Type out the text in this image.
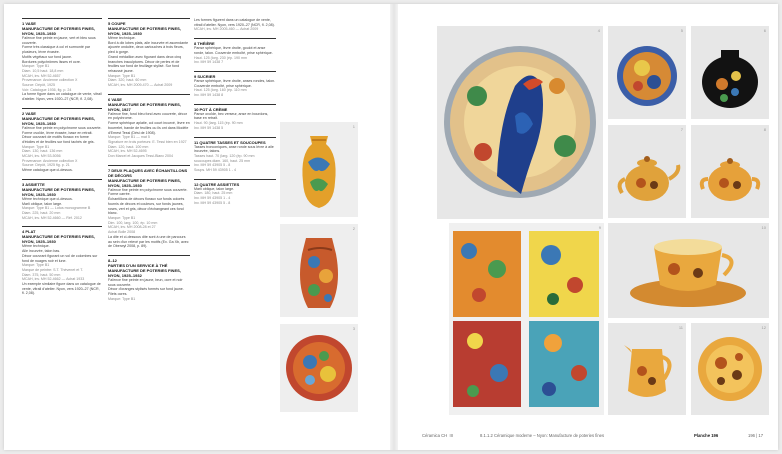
1 VASE
MANUFACTURE DE POTERIES FINES, NYON, 1925–1930
Faïence fine peinte en jaune, vert et bleu sous couverte.
Forme très classique à col et surmonté par plusieurs, lèvre évasée.
Motifs végétaux sur fond jaune.
Bordures polychrômes lisses et ocre.
Marque: Type B1
Diam. 10,5 haut. 18,8 mm
MCAH, inv. MH 52-4657
Provenance: Ancienne collection X
Source: Dépôt, 1925
Voir: Catalogue 1936, fig. p. 24
La forme figure dans un catalogue de vente, vitrail d'atelier. Nyon, vers 1920–27 (NCR, fl. 2,08).
2 VASE
MANUFACTURE DE POTERIES FINES, NYON, 1925–1930
Faïence fine peinte en polychrome sous couverte.
Forme ovoïde, lèvre évasée, base en retrait.
Décor couvrant de motifs floraux en forme d'étoiles et de feuilles sur fond tachés de gris.
Marque: Type B1
Diam. 130, haut. 136 mm
MCAH, inv. MH 53-5056
Provenance: Ancienne collection X
Source: Dépôt, 1925 fig. p. 21
Même catalogue que ci-dessus.
3 ASSIETTE
MANUFACTURE DE POTERIES FINES, NYON, 1925–1930
Même technique que ci-dessus.
Marli oblique, talon large.
Marque: Type B1 — Lotus monogramme B
Diam. 225, haut. 20 mm
MCAH, inv. MH 52-4660 — Réf. 2012
4 PLAT
MANUFACTURE DE POTERIES FINES, NYON, 1925–1930
Même technique.
Aile incurvée, talon bas.
Décor couvrant figurant un vol de colombes sur fond de nuages noir et lune.
Marque: Type B1
Marque de peintre: S.T. Thévenet et T.
Diam. 375, haut. 50 mm
MCAH, inv. MH 52-4662 — Achat 1933
Un exemple similaire figure dans un catalogue de vente, vitrail d'atelier. Nyon, vers 1920–27 (NCR, fl. 2,08).
5 COUPE
MANUFACTURE DE POTERIES FINES, NYON, 1925–1930
Même technique.
Bord à dix lobes plats, aile incurvée et ascendante ajourée ondulée, deux cartouches à trois fleurs, pied à gorge.
Grand médaillon avec figurant dans deux cinq branches insculptures. Décor de perles et de feuilles sur fond de feuillage stylisé. Sur fond rehaussé jaune.
Marque: Type B1
Diam. 320, haut. 60 mm
MCAH, inv. MH 2009-470 — Achat 2009
6 VASE
MANUFACTURE DE POTERIES FINES, NYON, 1927
Faïence fine, fond bleu fond avec couverte, décor en polychrome.
Forme sphérique aplatie, col court incurvé, lèvre en bourrelet, bande de feuilles ou ils ont dans Modèle d'Ernest Tessi (Dési de 1908).
Marque: Type B1 — mat 5
Signature en trois porteurs: E. Tessi bien en 1927
Diam. 120, haut. 100 mm
MCAH, inv. MH 52-4695
Don Marcel et Jacques Tessi-Blanc 2004
7 DEUX PLAQUES AVEC ÉCHANTILLONS DE DÉCORS
MANUFACTURE DE POTERIES FINES, NYON, 1925–1930
Faïence fine peinte en polychrome sous couverte.
Forme carrée.
Échantillons de décors floraux sur fonds colorés fournis de décors et couleurs, sur fonds jaunes, roses, vert et gris, décor d'échangeant ces fond blanc.
Marque: Type B1
Dim. 100, larg. 100, ép. 10 mm
MCAH, inv. MH 2008-28 et 27
Achat Bolle 2008
La dite et ci-dessous dite sont à une de parcours au sein d'un relevé par les motifs (Ex. Ga Xb, avec de Oberwyl 2008, p. 89).
8–12
PARTIES D'UN SERVICE À THÉ
MANUFACTURE DE POTERIES FINES, NYON, 1925–1932
Faïence fine peinte en jaune, brun, ocre et noir sous couverte.
Décor d'oranges stylisés formés sur fond jaune. Filets ocres.
Marque: Type B1
Les formes figurent dans un catalogue de vente, vitrail d'atelier. Nyon, vers 1920–27 (NCR, fl. 2,08).
MCAH, inv. MH 2005-460 — Achat 2009
8 THÉIÈRE
Panse sphérique, lèvre droite, goulot et anse ronde, talon. Couvercle emboîté, prise sphérique.
Haut. 125 (lorg. 230 (ép. 190 mm
Inv. MH 59 1438 7
9 SUCRIER
Panse sphérique, lèvre droite, anses rondes, talon. Couvercle emboîté, prise sphérique.
Haut. 125 (lorg. 160 (ép. 110 mm
Inv. MH 59 1438 8
10 POT À CRÈME
Panse ovoïde, bec verseur, anse en bourdons, base en retrait.
Haut. 90 (larg. 115 (ép. 90 mm
Inv. MH 59 1438 5
11 QUATRE TASSES ET SOUCOUPES
Tasses tronconiques, anse ronde sous lèvre à aile incurvée, talons.
Tasses haut. 70 (larg. 120 (ép. 90 mm
soucoupes diam. 160, haut. 25 mm
Inv. MH 59 43905 5 - 8
Soups. MH 59 43905 1 - 4
12 QUATRE ASSIETTES
Marli oblique, talon large.
Diam. 180, haut. 25 mm
Inv. MH 59 43905 1 - 4
Inv. MH 59 43905 5 - 8
1
2
3
4	5	6
7	8
9	10
11	12
Céramica CH III	8.1.1.2 Céramique moderne – Nyon: Manufacture de poteries fines	Planche 196	196 | 17
